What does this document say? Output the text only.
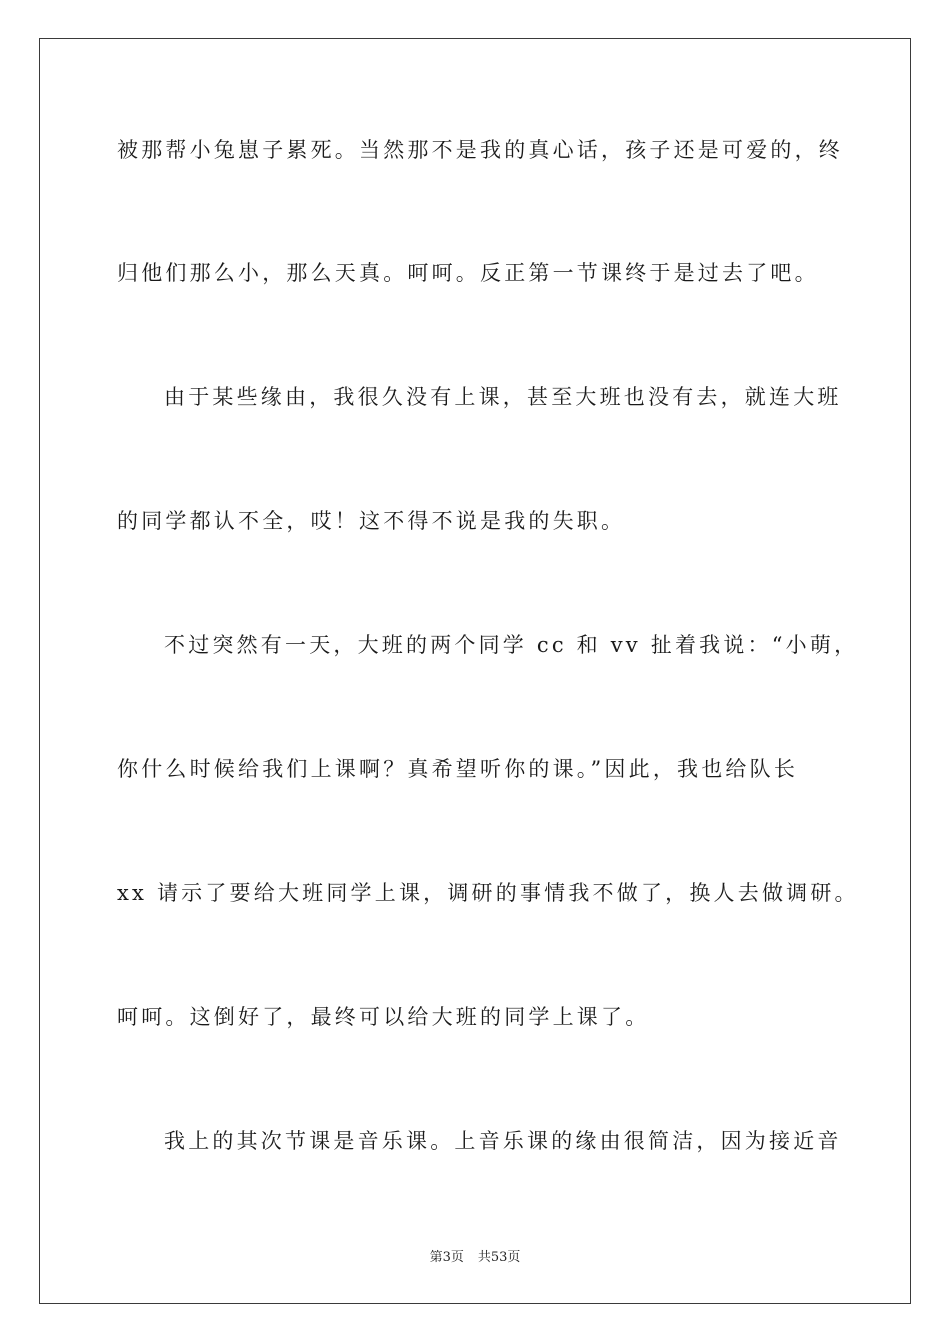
被那帮小兔崽子累死。当然那不是我的真心话，孩子还是可爱的，终
归他们那么小，那么天真。呵呵。反正第一节课终于是过去了吧。
由于某些缘由，我很久没有上课，甚至大班也没有去，就连大班
的同学都认不全，哎！这不得不说是我的失职。
不过突然有一天，大班的两个同学 cc 和 vv 扯着我说：“小萌，
你什么时候给我们上课啊？真希望听你的课。”因此，我也给队长
xx 请示了要给大班同学上课，调研的事情我不做了，换人去做调研。
呵呵。这倒好了，最终可以给大班的同学上课了。
我上的其次节课是音乐课。上音乐课的缘由很简洁，因为接近音
第3页 共53页
